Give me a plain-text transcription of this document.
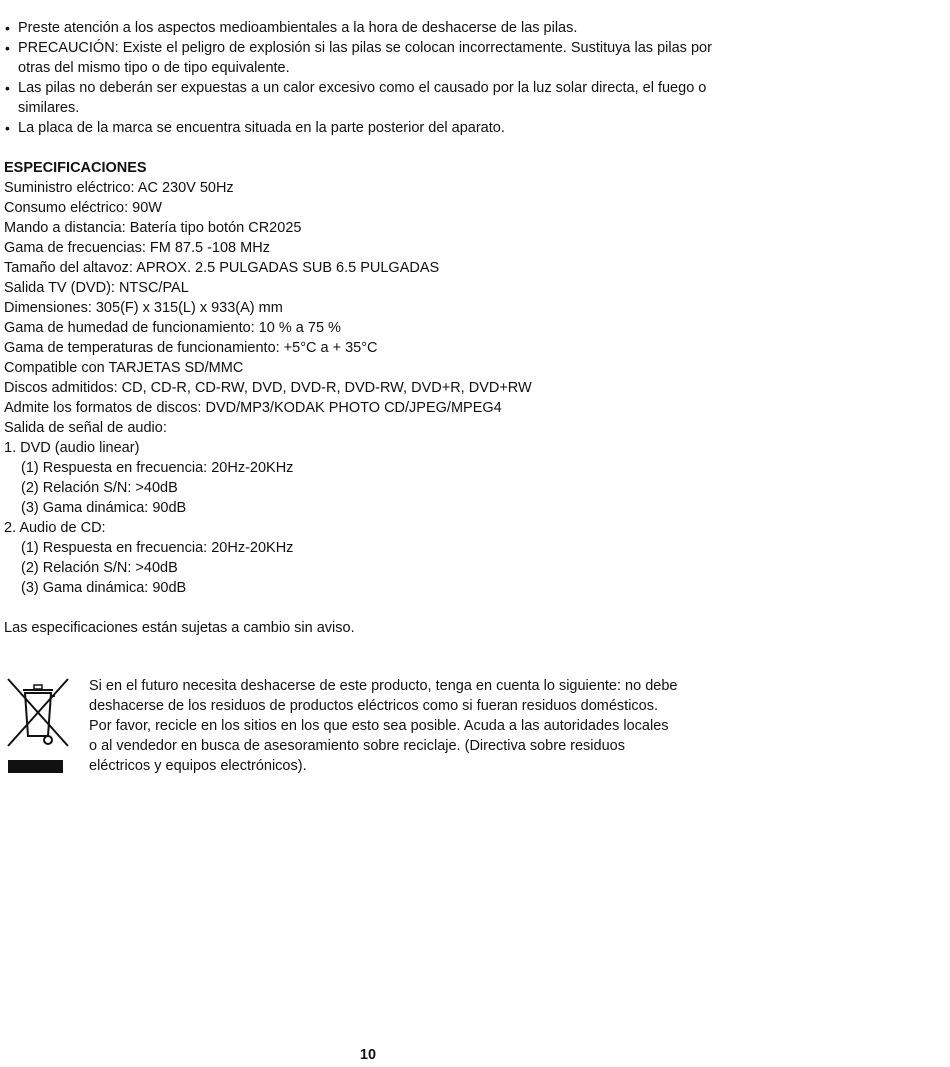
• Preste atención a los aspectos medioambientales a la hora de deshacerse de las pilas.
• PRECAUCIÓN: Existe el peligro de explosión si las pilas se colocan incorrectamente. Sustituya las pilas por otras del mismo tipo o de tipo equivalente.
• Las pilas no deberán ser expuestas a un calor excesivo como el causado por la luz solar directa, el fuego o similares.
• La placa de la marca se encuentra situada en la parte posterior del aparato.
ESPECIFICACIONES
Suministro eléctrico: AC 230V 50Hz
Consumo eléctrico: 90W
Mando a distancia: Batería tipo botón CR2025
Gama de frecuencias: FM 87.5 -108 MHz
Tamaño del altavoz: APROX. 2.5 PULGADAS SUB 6.5 PULGADAS
Salida TV (DVD): NTSC/PAL
Dimensiones: 305(F) x 315(L) x 933(A) mm
Gama de humedad de funcionamiento: 10 % a 75 %
Gama de temperaturas de funcionamiento: +5°C a + 35°C
Compatible con TARJETAS SD/MMC
Discos admitidos: CD, CD-R, CD-RW, DVD, DVD-R, DVD-RW, DVD+R, DVD+RW
Admite los formatos de discos: DVD/MP3/KODAK PHOTO CD/JPEG/MPEG4
Salida de señal de audio:
1. DVD (audio linear)
(1) Respuesta en frecuencia: 20Hz-20KHz
(2) Relación S/N: >40dB
(3) Gama dinámica: 90dB
2. Audio de CD:
(1) Respuesta en frecuencia: 20Hz-20KHz
(2) Relación S/N: >40dB
(3) Gama dinámica: 90dB
Las especificaciones están sujetas a cambio sin aviso.
Si en el futuro necesita deshacerse de este producto, tenga en cuenta lo siguiente: no debe
deshacerse de los residuos de productos eléctricos como si fueran residuos domésticos.
Por favor, recicle en los sitios en los que esto sea posible. Acuda a las autoridades locales
o al vendedor en busca de asesoramiento sobre reciclaje. (Directiva sobre residuos
eléctricos y equipos electrónicos).
10
